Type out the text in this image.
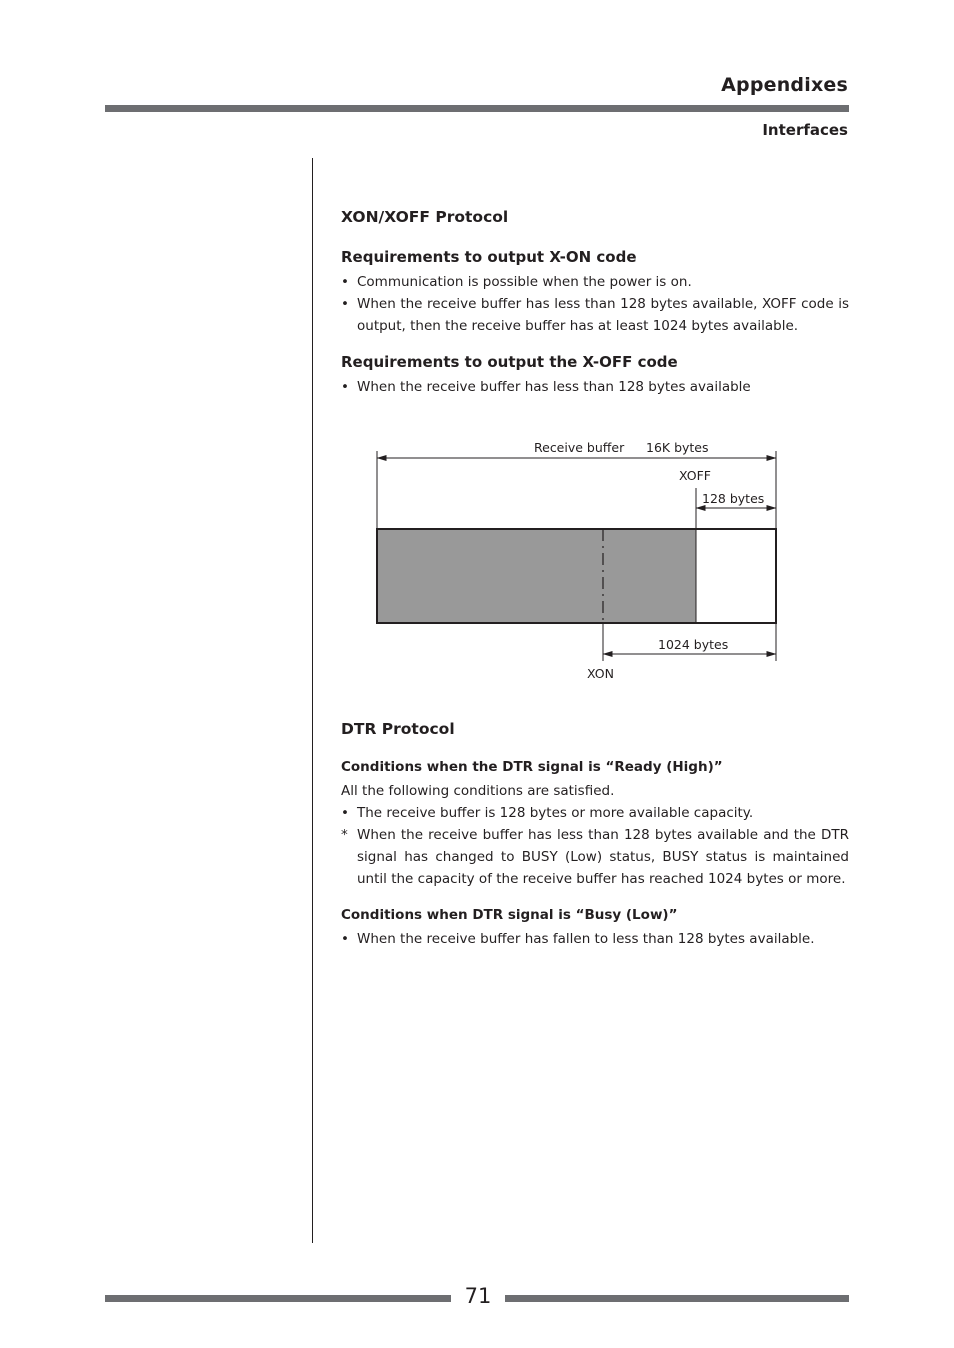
Appendixes
Interfaces
XON/XOFF Protocol
Requirements to output X-ON code
• Communication is possible when the power is on.
• When the receive buffer has less than 128 bytes available, XOFF code is output, then the receive buffer has at least 1024 bytes available.
Requirements to output the X-OFF code
• When the receive buffer has less than 128 bytes available
DTR Protocol
Conditions when the DTR signal is “Ready (High)”
All the following conditions are satisfied.
• The receive buffer is 128 bytes or more available capacity.
* When the receive buffer has less than 128 bytes available and the DTR signal has changed to BUSY (Low) status, BUSY status is maintained until the capacity of the receive buffer has reached 1024 bytes or more.
Conditions when DTR signal is “Busy (Low)”
• When the receive buffer has fallen to less than 128 bytes available.
Receive buffer 16K bytes
XOFF
128 bytes
1024 bytes
XON
71
